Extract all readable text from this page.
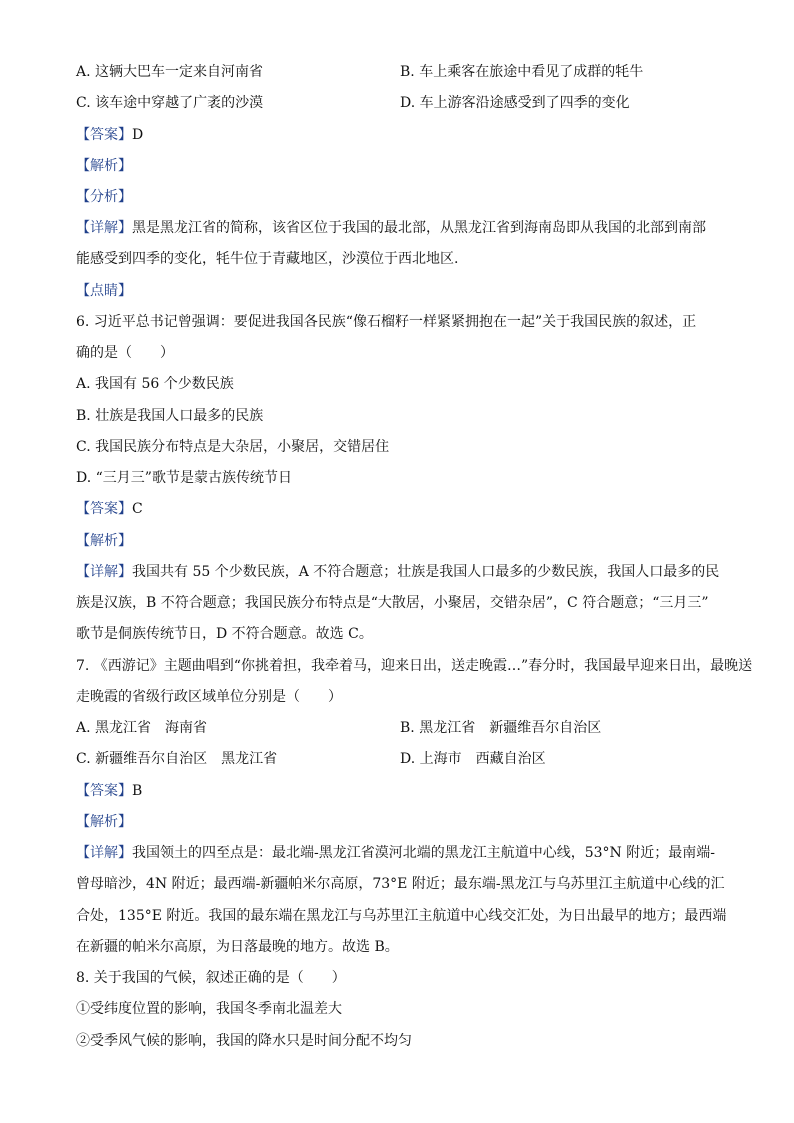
A. 这辆大巴车一定来自河南省	B. 车上乘客在旅途中看见了成群的牦牛
C. 该车途中穿越了广袤的沙漠	D. 车上游客沿途感受到了四季的变化
【答案】D
【解析】
【分析】
【详解】黑是黑龙江省的简称，该省区位于我国的最北部，从黑龙江省到海南岛即从我国的北部到南部
能感受到四季的变化，牦牛位于青藏地区，沙漠位于西北地区.
【点睛】
6. 习近平总书记曾强调：要促进我国各民族“像石榴籽一样紧紧拥抱在一起”关于我国民族的叙述，正
确的是（　　）
A. 我国有 56 个少数民族
B. 壮族是我国人口最多的民族
C. 我国民族分布特点是大杂居，小聚居，交错居住
D. “三月三”歌节是蒙古族传统节日
【答案】C
【解析】
【详解】我国共有 55 个少数民族，A 不符合题意；壮族是我国人口最多的少数民族，我国人口最多的民
族是汉族，B 不符合题意；我国民族分布特点是“大散居，小聚居，交错杂居”，C 符合题意；“三月三”
歌节是侗族传统节日，D 不符合题意。故选 C。
7. 《西游记》主题曲唱到“你挑着担，我牵着马，迎来日出，送走晚霞…”春分时，我国最早迎来日出，最晚送
走晚霞的省级行政区域单位分别是（　　）
A. 黑龙江省　海南省	B. 黑龙江省　新疆维吾尔自治区
C. 新疆维吾尔自治区　黑龙江省	D. 上海市　西藏自治区
【答案】B
【解析】
【详解】我国领土的四至点是：最北端-黑龙江省漠河北端的黑龙江主航道中心线，53°N 附近；最南端-
曾母暗沙，4N 附近；最西端-新疆帕米尔高原，73°E 附近；最东端-黑龙江与乌苏里江主航道中心线的汇
合处，135°E 附近。我国的最东端在黑龙江与乌苏里江主航道中心线交汇处，为日出最早的地方；最西端
在新疆的帕米尔高原，为日落最晚的地方。故选 B。
8. 关于我国的气候，叙述正确的是（　　）
①受纬度位置的影响，我国冬季南北温差大
②受季风气候的影响，我国的降水只是时间分配不均匀
